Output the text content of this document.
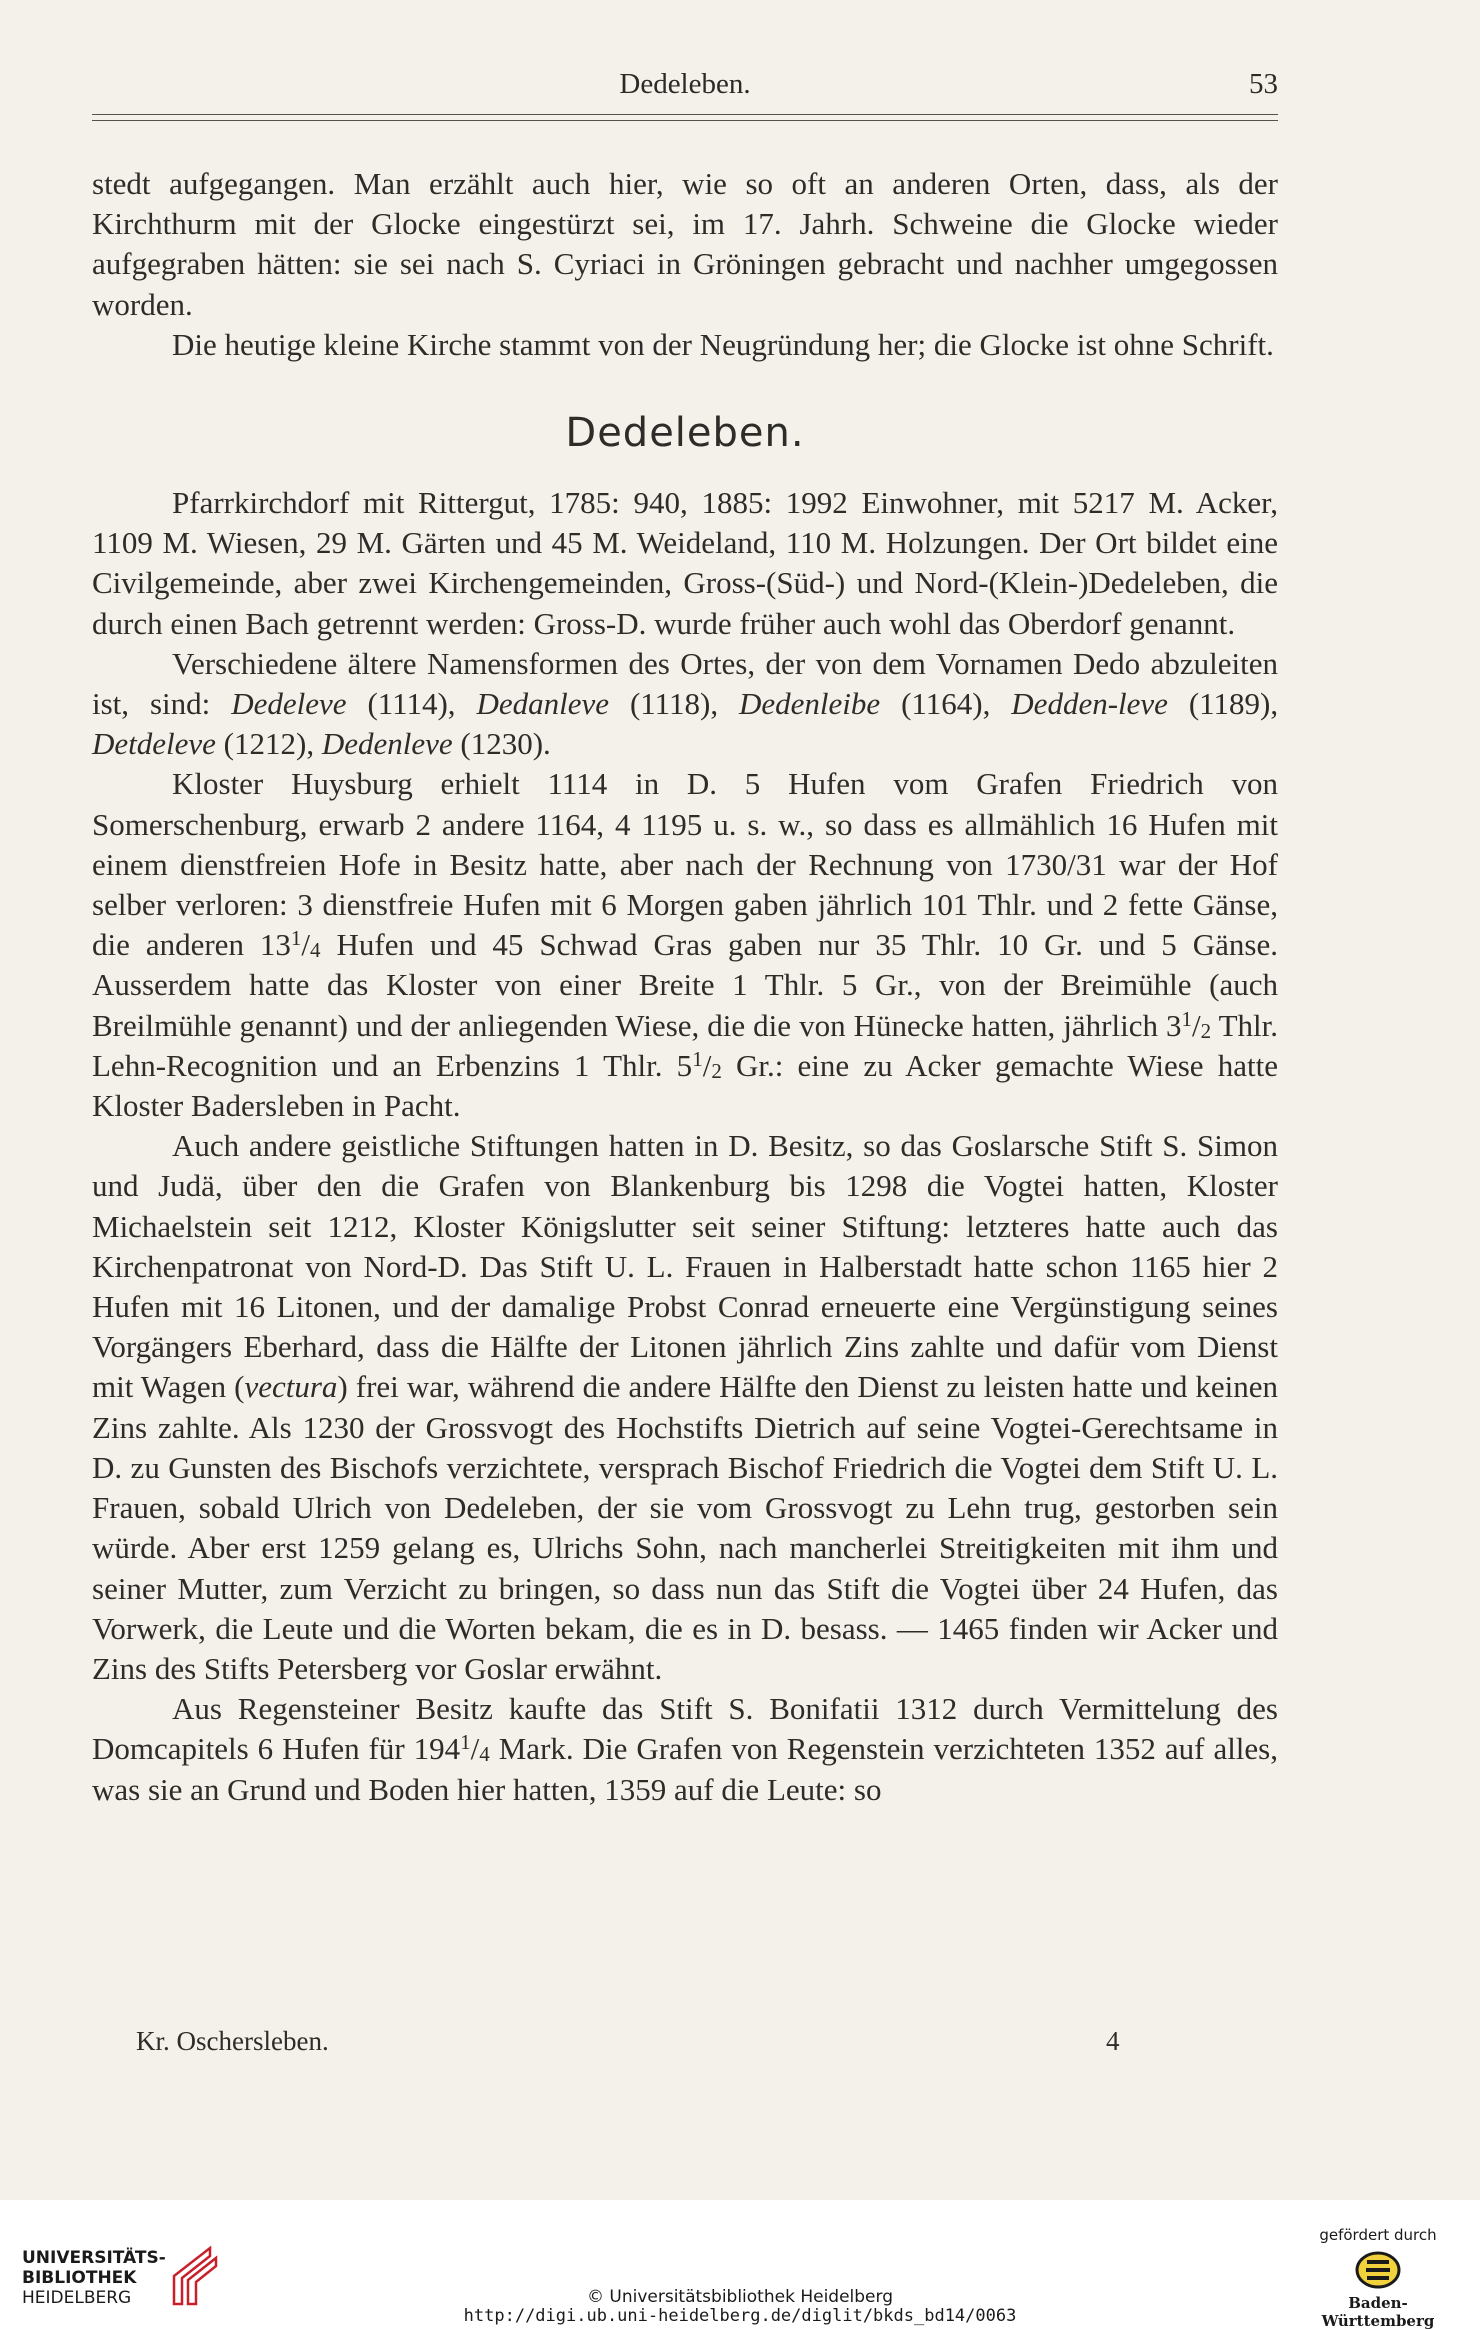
Dedeleben.	53

stedt aufgegangen. Man erzählt auch hier, wie so oft an anderen Orten, dass, als der Kirchthurm mit der Glocke eingestürzt sei, im 17. Jahrh. Schweine die Glocke wieder aufgegraben hätten: sie sei nach S. Cyriaci in Gröningen gebracht und nachher umgegossen worden.

Die heutige kleine Kirche stammt von der Neugründung her; die Glocke ist ohne Schrift.

Dedeleben.

Pfarrkirchdorf mit Rittergut, 1785: 940, 1885: 1992 Einwohner, mit 5217 M. Acker, 1109 M. Wiesen, 29 M. Gärten und 45 M. Weideland, 110 M. Holzungen. Der Ort bildet eine Civilgemeinde, aber zwei Kirchengemeinden, Gross-(Süd-) und Nord-(Klein-)Dedeleben, die durch einen Bach getrennt werden: Gross-D. wurde früher auch wohl das Oberdorf genannt.

Verschiedene ältere Namensformen des Ortes, der von dem Vornamen Dedo abzuleiten ist, sind: Dedeleve (1114), Dedanleve (1118), Dedenleibe (1164), Dedden-leve (1189), Detdeleve (1212), Dedenleve (1230).

Kloster Huysburg erhielt 1114 in D. 5 Hufen vom Grafen Friedrich von Somerschenburg, erwarb 2 andere 1164, 4 1195 u. s. w., so dass es allmählich 16 Hufen mit einem dienstfreien Hofe in Besitz hatte, aber nach der Rechnung von 1730/31 war der Hof selber verloren: 3 dienstfreie Hufen mit 6 Morgen gaben jährlich 101 Thlr. und 2 fette Gänse, die anderen $13^1/_4$ Hufen und 45 Schwad Gras gaben nur 35 Thlr. 10 Gr. und 5 Gänse. Ausserdem hatte das Kloster von einer Breite 1 Thlr. 5 Gr., von der Breimühle (auch Breilmühle genannt) und der anliegenden Wiese, die die von Hünecke hatten, jährlich $3^1/_2$ Thlr. Lehn-Recognition und an Erbenzins 1 Thlr. $5^1/_2$ Gr.: eine zu Acker gemachte Wiese hatte Kloster Badersleben in Pacht.

Auch andere geistliche Stiftungen hatten in D. Besitz, so das Goslarsche Stift S. Simon und Judä, über den die Grafen von Blankenburg bis 1298 die Vogtei hatten, Kloster Michaelstein seit 1212, Kloster Königslutter seit seiner Stiftung: letzteres hatte auch das Kirchenpatronat von Nord-D. Das Stift U. L. Frauen in Halberstadt hatte schon 1165 hier 2 Hufen mit 16 Litonen, und der damalige Probst Conrad erneuerte eine Vergünstigung seines Vorgängers Eberhard, dass die Hälfte der Litonen jährlich Zins zahlte und dafür vom Dienst mit Wagen (vectura) frei war, während die andere Hälfte den Dienst zu leisten hatte und keinen Zins zahlte. Als 1230 der Grossvogt des Hochstifts Dietrich auf seine Vogtei-Gerechtsame in D. zu Gunsten des Bischofs verzichtete, versprach Bischof Friedrich die Vogtei dem Stift U. L. Frauen, sobald Ulrich von Dedeleben, der sie vom Grossvogt zu Lehn trug, gestorben sein würde. Aber erst 1259 gelang es, Ulrichs Sohn, nach mancherlei Streitigkeiten mit ihm und seiner Mutter, zum Verzicht zu bringen, so dass nun das Stift die Vogtei über 24 Hufen, das Vorwerk, die Leute und die Worten bekam, die es in D. besass. — 1465 finden wir Acker und Zins des Stifts Petersberg vor Goslar erwähnt.

Aus Regensteiner Besitz kaufte das Stift S. Bonifatii 1312 durch Vermittelung des Domcapitels 6 Hufen für $194^1/_4$ Mark. Die Grafen von Regenstein verzichteten 1352 auf alles, was sie an Grund und Boden hier hatten, 1359 auf die Leute: so

Kr. Oschersleben.	4
UNIVERSITÄTS-
BIBLIOTHEK
HEIDELBERG	© Universitätsbibliothek Heidelberg
http://digi.ub.uni-heidelberg.de/diglit/bkds_bd14/0063
gefördert durch
Baden-Württemberg
